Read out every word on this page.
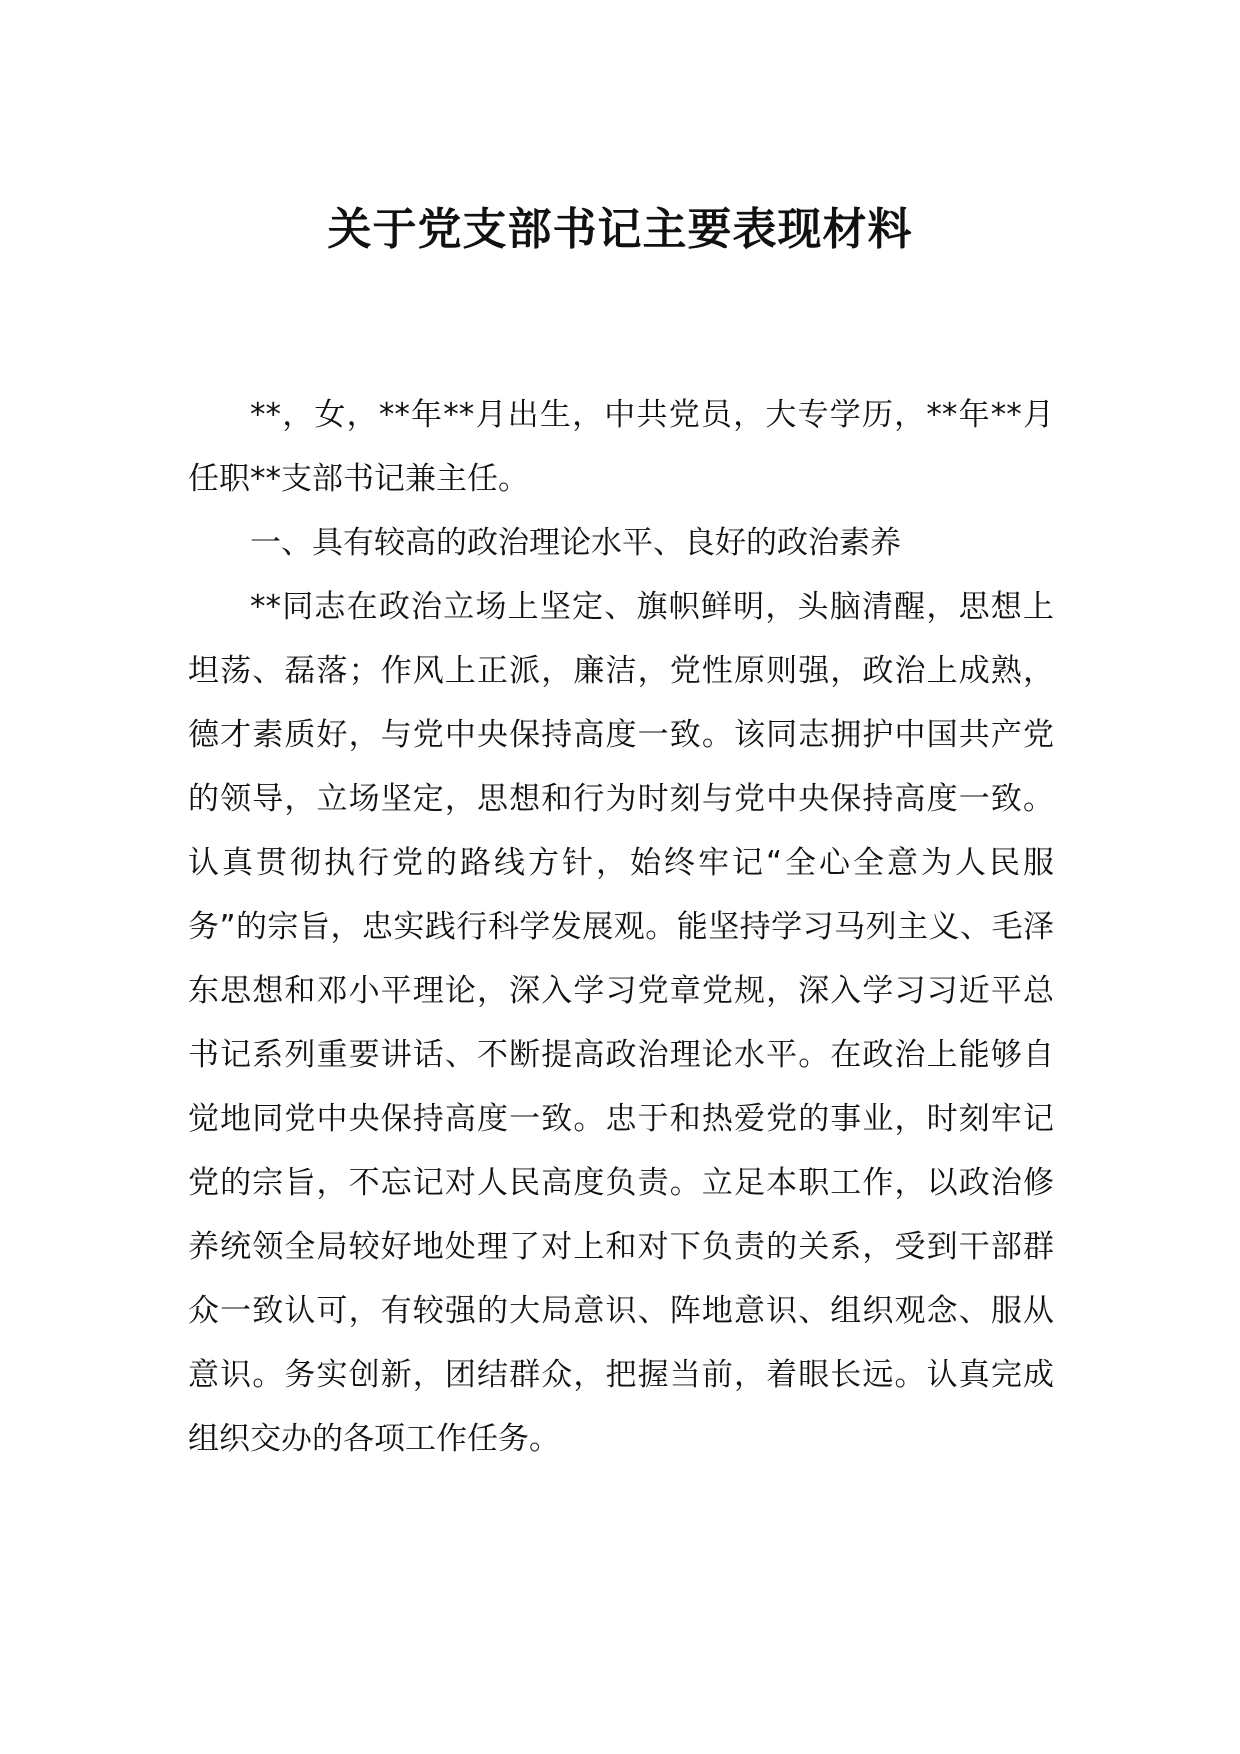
关于党支部书记主要表现材料

**，女，**年**月出生，中共党员，大专学历，**年**月任职**支部书记兼主任。

一、具有较高的政治理论水平、良好的政治素养

**同志在政治立场上坚定、旗帜鲜明，头脑清醒，思想上坦荡、磊落；作风上正派，廉洁，党性原则强，政治上成熟，德才素质好，与党中央保持高度一致。该同志拥护中国共产党的领导，立场坚定，思想和行为时刻与党中央保持高度一致。认真贯彻执行党的路线方针，始终牢记“全心全意为人民服务”的宗旨，忠实践行科学发展观。能坚持学习马列主义、毛泽东思想和邓小平理论，深入学习党章党规，深入学习习近平总书记系列重要讲话、不断提高政治理论水平。在政治上能够自觉地同党中央保持高度一致。忠于和热爱党的事业，时刻牢记党的宗旨，不忘记对人民高度负责。立足本职工作，以政治修养统领全局较好地处理了对上和对下负责的关系，受到干部群众一致认可，有较强的大局意识、阵地意识、组织观念、服从意识。务实创新，团结群众，把握当前，着眼长远。认真完成组织交办的各项工作任务。
